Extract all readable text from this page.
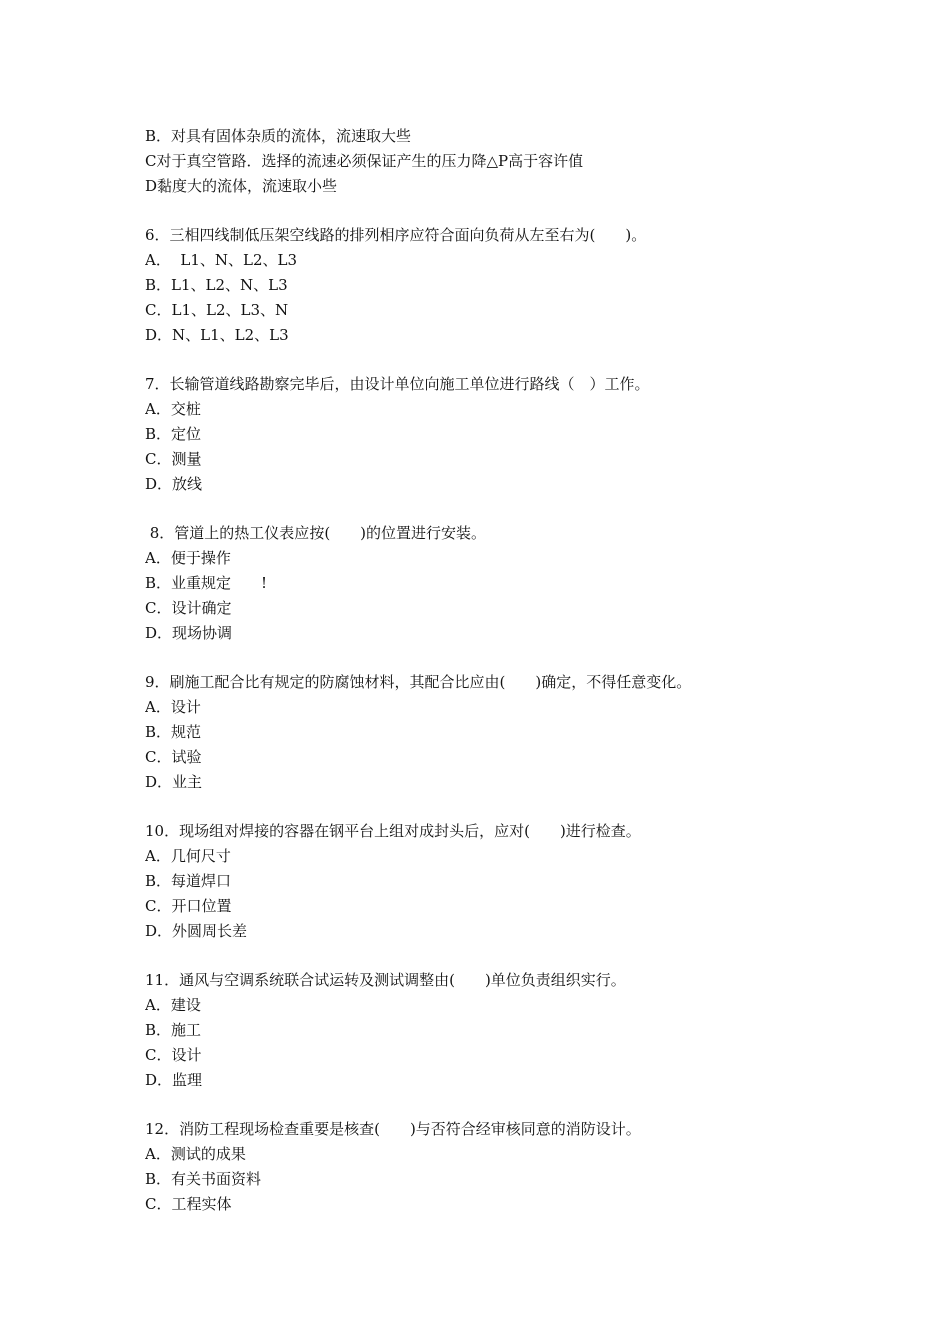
B．对具有固体杂质的流体，流速取大些
C对于真空管路．选择的流速必须保证产生的压力降△P高于容许值
D黏度大的流体，流速取小些
6．三相四线制低压架空线路的排列相序应符合面向负荷从左至右为(　　)。
A．  L1、N、L2、L3
B．L1、L2、N、L3
C．L1、L2、L3、N
D．N、L1、L2、L3
7．长输管道线路勘察完毕后，由设计单位向施工单位进行路线（　）工作。
A．交桩
B．定位
C．测量
D．放线
8．管道上的热工仪表应按(　　)的位置进行安装。
A．便于操作
B．业重规定　　!
C．设计确定
D．现场协调
9．刷施工配合比有规定的防腐蚀材料，其配合比应由(　　)确定，不得任意变化。
A．设计
B．规范
C．试验
D．业主
10．现场组对焊接的容器在钢平台上组对成封头后，应对(　　)进行检查。
A．几何尺寸
B．每道焊口
C．开口位置
D．外圆周长差
11．通风与空调系统联合试运转及测试调整由(　　)单位负责组织实行。
A．建设
B．施工
C．设计
D．监理
12．消防工程现场检查重要是核查(　　)与否符合经审核同意的消防设计。
A．测试的成果
B．有关书面资料
C．工程实体
